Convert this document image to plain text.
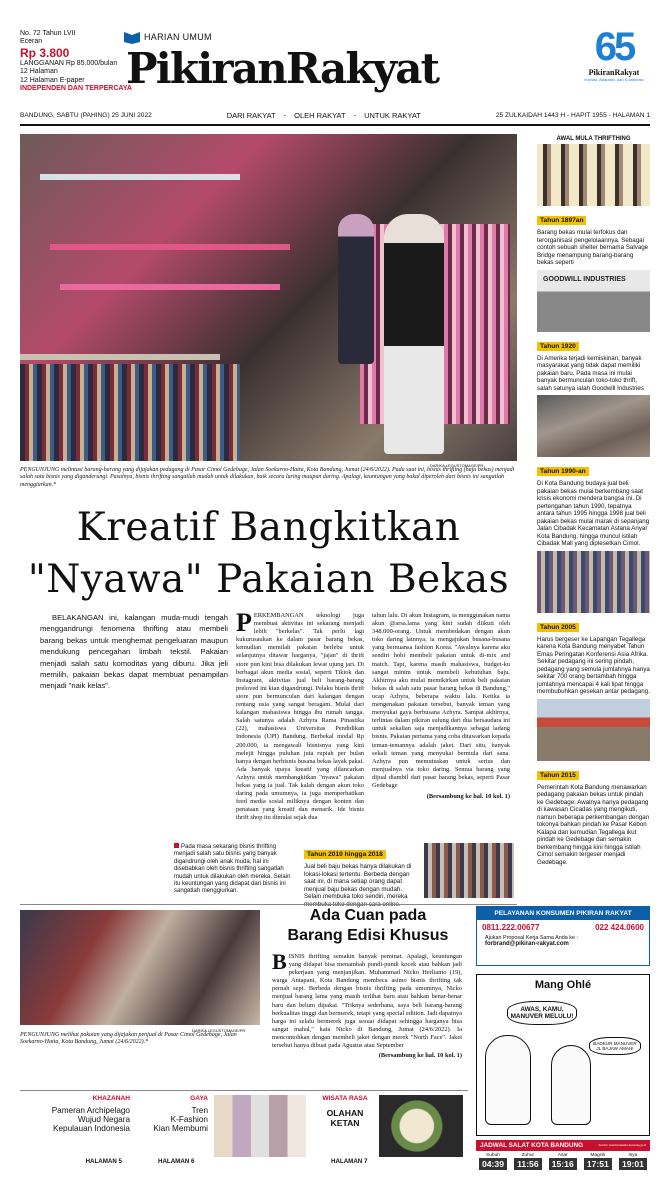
No. 72 Tahun LVII
Eceran
Rp 3.800
LANGGANAN Rp 85.000/bulan
12 Halaman
12 Halaman E-paper
INDEPENDEN DAN TERPERCAYA
HARIAN UMUM
PikiranRakyat	65
PikiranRakyat
Inovasi, Adaptasi, dan Kolaborasi
BANDUNG, SABTU (PAHING) 25 JUNI 2022	DARI RAKYAT - OLEH RAKYAT - UNTUK RAKYAT	25 ZULKAIDAH 1443 H - HAPIT 1955 - HALAMAN 1
DARIKA LEGUSTOMAGE/PR
PENGUNJUNG melintasi barang-barang yang dijajakan pedagang di Pasar Cimol Gedebage, Jalan Soekarno-Hatta, Kota Bandung, Jumat (24/6/2022). Pada saat ini, bisnis thrifting (baju bekas) menjadi salah satu bisnis yang diganderungi. Pasalnya, bisnis thrifting sangatlah mudah untuk dilakukan, baik secara luring maupun daring. Apalagi, keuntungan yang bakal diperoleh dari bisnis ini sangatlah menggiurkan.*
Kreatif Bangkitkan
"Nyawa" Pakaian Bekas
BELAKANGAN ini, kalangan muda-mudi tengah menggandrungi fenomena thrifting atau membeli barang bekas untuk menghemat pengeluaran maupun mendukung pencegahan limbah tekstil. Pakaian menjadi salah satu komoditas yang diburu. Jika jeli memilih, pakaian bekas dapat membuat penampilan menjadi "naik kelas".
P ERKEMBANGAN teknologi juga membuat aktivitas ini sekarang menjadi lebih "berkelas". Tak perlu lagi kukurusaukan ke dalam pasar barang bekas, kemudian memilah pakaian berlebu untuk selanjutnya ditawar harganya, "jajan" di thrift store pun kini bisa dilakukan lewat ujung jari. Di berbagai akun media sosial, seperti Tiktok dan Instagram, aktivitas jual beli barang-barang preloved ini kian digandrungi. Pelaku bisnis thrift store pun bermunculan dari kalangan dengan rentang usia yang sangat beragam. Mulai dari kalangan mahasiswa hingga ibu rumah tangga. Salah satunya adalah Azhyra Rama Pinastika (22), mahasiswa Universitas Pendidikan Indonesia (UPI) Bandung. Berbekal modal Rp 200.000, ia mengawali bisnisnya yang kini melejit hingga puluhan juta rupiah per bulan hanya dengan berbisnis busana bekas layak pakai. Ada banyak upaya kreatif yang dilancarkan Azhyra untuk membangkitkan "nyawa" pakaian bekas yang ia jual. Tak kalah dengan akun toko daring pada umumnya, ia juga memperhatikan feed media sosial miliknya dengan konten dan penataan yang kreatif dan menarik. Ide bisnis thrift shop itu dimulai sejak dua
tahun lalu. Di akun Instagram, ia menggunakan nama akun @arsa.lama yang kini sudah diikuti oleh 348.000-orang. Untuk membedakan dengan akun toko daring lainnya, ia mengajukan busana-busana yang bernuansa fashion Korea. "Awalnya karena aku sendiri hobi membeli pakaian untuk di-mix and match. Tapi, karena masih mahasiswa, budget-ku sangat minim untuk membeli kebutuhan baju. Akhirnya aku mulai memikirkan untuk beli pakaian bekas di salah satu pasar barang bekas di Bandung," ucap Azhyra, beberapa waktu lalu. Ketika ia mengenakan pakaian tersebut, banyak teman yang menyukai gaya berbusana Azhyra. Sampai akhirnya, terlintas dalam pikiran sulung dari dua bersaudara ini untuk sekalian saja menjadikannya sebagai ladang bisnis. Pakaian pertama yang coba ditawarkan kepada teman-temannya adalah jaket. Dari situ, banyak sekali teman yang menyukai bermula dari sana. Azhyra pun memutuskan untuk serius dan menjualnya via toko daring. Semua barang yang dijual diambil dari pasar barang bekas, seperti Pasar Gedebage
(Bersambung ke hal. 10 kol. 1)
AWAL MULA THRIFTHING
Tahun 1897an
Barang bekas mulai terfokus dan terorganisasi pengelolaannya. Sebagai contoh sebuah shelter bernama Salvage Bridge menampung barang-barang bekas seperti
GOODWILL INDUSTRIES
Tahun 1920
Di Amerika terjadi kemiskinan, banyak masyarakat yang tidak dapat memiliki pakaian baru. Pada masa ini mulai banyak bermunculan toko-toko thrift, salah satunya ialah Goodwill Industries
Tahun 1990-an
Di Kota Bandung budaya jual beli pakaian bekas mulai berkembang saat krisis ekonomi mendera bangsa ini. Di pertengahan tahun 1990, tepatnya antara tahun 1995 hingga 1998 jual beli pakaian bekas mulai marak di sepanjang Jalan Cibadak Kecamatan Astana Anyar Kota Bandung, hingga muncul istilah Cibadak Mall yang diplesetkan Cimol.
Tahun 2005
Harus bergeser ke Lapangan Tegallega karena Kota Bandung menyabet Tahun Emas Peringatan Konferensi Asia Afrika. Sekitar pedagang ini sering pindah, pedagang yang semula jumlahnya hanya sekitar 700 orang bertambah hingga jumlahnya mencapai 4 kali lipat hingga membubuhkan gesekan antar pedagang.
Tahun 2015
Pemerintah Kota Bandung menawarkan pedagang pakaian bekas untuk pindah ke Gedebage. Awalnya hanya pedagang di kawasan Cicadas yang mengikuti, namun beberapa perkembangan dengan tokonya bahkan pindah ke Pasar Kebon Kalapa dan kemudian Tegallega ikut pindah ke Gedebage dan semakin berkembang hingga kini hingga istilah Cimol semakin tergeser menjadi Gedebage.
Pada masa sekarang bisnis thrifting menjadi salah satu bisnis yang banyak digandrungi oleh anak muda, hal ini disebabkan oleh bisnis thrifting sangatlah mudah untuk dilakukan oleh mereka. Selain itu keuntungan yang didapat dari bisnis ini sangatlah menggiurkan.
Tahun 2010 hingga 2018
Jual beli baju bekas hanya dilakukan di lokasi-lokasi tertentu. Berbeda dengan saat ini, di mana setiap orang dapat menjual baju bekas dengan mudah. Selain membuka toko sendiri, mereka
DARIKA LEGUSTOMAGE/PR
PENGUNJUNG melihat pakaian yang dijajakan penjual di Pasar Cimol Gedebage, Jalan Soekarno-Hatta, Kota Bandung, Jumat (24/6/2022).*
Ada Cuan pada
Barang Edisi Khusus
B ISNIS thrifting semakin banyak peminat. Apalagi, keuntungan yang didapat bisa menambah pundi-pundi kocek atau bahkan jadi pekerjaan yang menjanjikan. Muhammad Nicko Herlianto (19), warga Antapani, Kota Bandung membeca asimo bisnis thrifting tak pernah sepi. Berbeda dengan bisnis thrifting pada umumnya, Nicko menjual barang lama yang masih terlihat baru atau bahkan benar-benar baru dan belum dipakai. "Triknya sederhana, saya beli barang-barang berkualitas tinggi dan bermerek, tetapi yang special edition. Jadi dapatnya harga ini selalu bermerek juga sesuai didapat sehingga harganya bisa sangat mahal," kata Nicko di Bandung, Jumat (24/6/2022). Ia mencontohkan dengan membeli jaket dengan merek "North Face". Jaket tersebut hanya dibuat pada Agustus atau September
(Bersambung ke hal. 10 kol. 1)
PELAYANAN KONSUMEN PIKIRAN RAKYAT
0811.222.00677	022 424.0600
Ajukan Proposal Kerja Sama Anda ke :
forbrand@pikiran-rakyat.com
Mang Ohlé
AWAS, KAMU, MANUVER MELULU!
BADEUR MANUVER JL BAJAW AMAH!
KHAZANAH
Pameran Archipelago
Wujud Negara
Kepulauan Indonesia
HALAMAN 5
GAYA
Tren
K-Fashion
Kian Membumi
HALAMAN 6
WISATA RASA
OLAHAN
KETAN
HALAMAN 7
JADWAL SALAT KOTA BANDUNG	Sumber: www.bimasislam.kemenag.go.id
Subuh
04:39
Zuhur
11:56
Asar
15:16
Magrib
17:51
Isya
19:01
